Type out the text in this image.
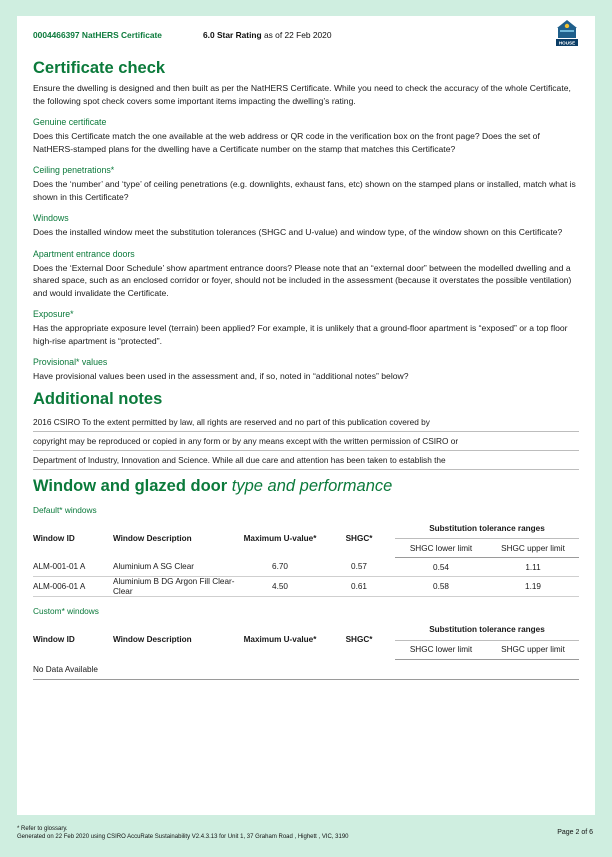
0004466397 NatHERS Certificate	6.0 Star Rating as of 22 Feb 2020
HOUSE
Certificate check

Ensure the dwelling is designed and then built as per the NatHERS Certificate. While you need to check the accuracy of the whole Certificate, the following spot check covers some important items impacting the dwelling’s rating.

Genuine certificate

Does this Certificate match the one available at the web address or QR code in the verification box on the front page? Does the set of NatHERS-stamped plans for the dwelling have a Certificate number on the stamp that matches this Certificate?

Ceiling penetrations*

Does the ‘number’ and ‘type’ of ceiling penetrations (e.g. downlights, exhaust fans, etc) shown on the stamped plans or installed, match what is shown in this Certificate?

Windows

Does the installed window meet the substitution tolerances (SHGC and U-value) and window type, of the window shown on this Certificate?

Apartment entrance doors

Does the ‘External Door Schedule’ show apartment entrance doors? Please note that an “external door” between the modelled dwelling and a shared space, such as an enclosed corridor or foyer, should not be included in the assessment (because it overstates the possible ventilation) and would invalidate the Certificate.

Exposure*

Has the appropriate exposure level (terrain) been applied? For example, it is unlikely that a ground-floor apartment is “exposed” or a top floor high-rise apartment is “protected”.

Provisional* values

Have provisional values been used in the assessment and, if so, noted in “additional notes” below?

Additional notes
2016 CSIRO To the extent permitted by law, all rights are reserved and no part of this publication covered by
copyright may be reproduced or copied in any form or by any means except with the written permission of CSIRO or
Department of Industry, Innovation and Science. While all due care and attention has been taken to establish the
Window and glazed door type and performance
Default* windows
Window ID	Window Description	Maximum U-value*	SHGC*	Substitution tolerance ranges	
				SHGC lower limit	SHGC upper limit
ALM-001-01 A	Aluminium A SG Clear	6.70	0.57	0.54	1.11
ALM-006-01 A	Aluminium B DG Argon Fill Clear-Clear	4.50	0.61	0.58	1.19
Custom* windows
Window ID	Window Description	Maximum U-value*	SHGC*	Substitution tolerance ranges	
				SHGC lower limit	SHGC upper limit
No Data Available					
* Refer to glossary.
Generated on 22 Feb 2020 using CSIRO AccuRate Sustainability V2.4.3.13 for Unit 1, 37 Graham Road , Highett , VIC, 3190
Page 2 of 6
